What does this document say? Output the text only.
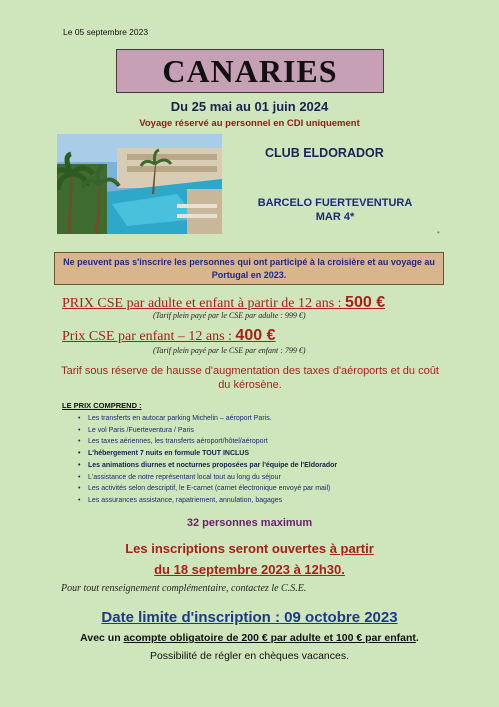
Le 05 septembre 2023
CANARIES
Du 25 mai au 01 juin 2024
Voyage réservé au personnel en CDI uniquement
CLUB ELDORADOR
BARCELO FUERTEVENTURA
MAR 4*
•
Ne peuvent pas s'inscrire les personnes qui ont participé à la croisière et au voyage au Portugal en 2023.
PRIX CSE par adulte et enfant à partir de 12 ans : 500 €
(Tarif plein payé par le CSE par adulte : 999 €)
Prix CSE par enfant – 12 ans : 400 €
(Tarif plein payé par le CSE par enfant : 799 €)
Tarif sous réserve de hausse d'augmentation des taxes d'aéroports et du coût du kérosène.
LE PRIX COMPREND :
• Les transferts en autocar parking Michelin – aéroport Paris.
• Le vol Paris /Fuerteventura / Paris
• Les taxes aériennes, les transferts aéroport/hôtel/aéroport
• L'hébergement 7 nuits en formule TOUT INCLUS
• Les animations diurnes et nocturnes proposées par l'équipe de l'Eldorador
• L'assistance de notre représentant local tout au long du séjour
• Les activités selon descriptif, le E-carnet (carnet électronique envoyé par mail)
• Les assurances assistance, rapatriement, annulation, bagages
32 personnes maximum
Les inscriptions seront ouvertes à partir
du 18 septembre 2023 à 12h30.
Pour tout renseignement complémentaire, contactez le C.S.E.
Date limite d'inscription : 09 octobre 2023
Avec un acompte obligatoire de 200 € par adulte et 100 € par enfant.
Possibilité de régler en chèques vacances.
